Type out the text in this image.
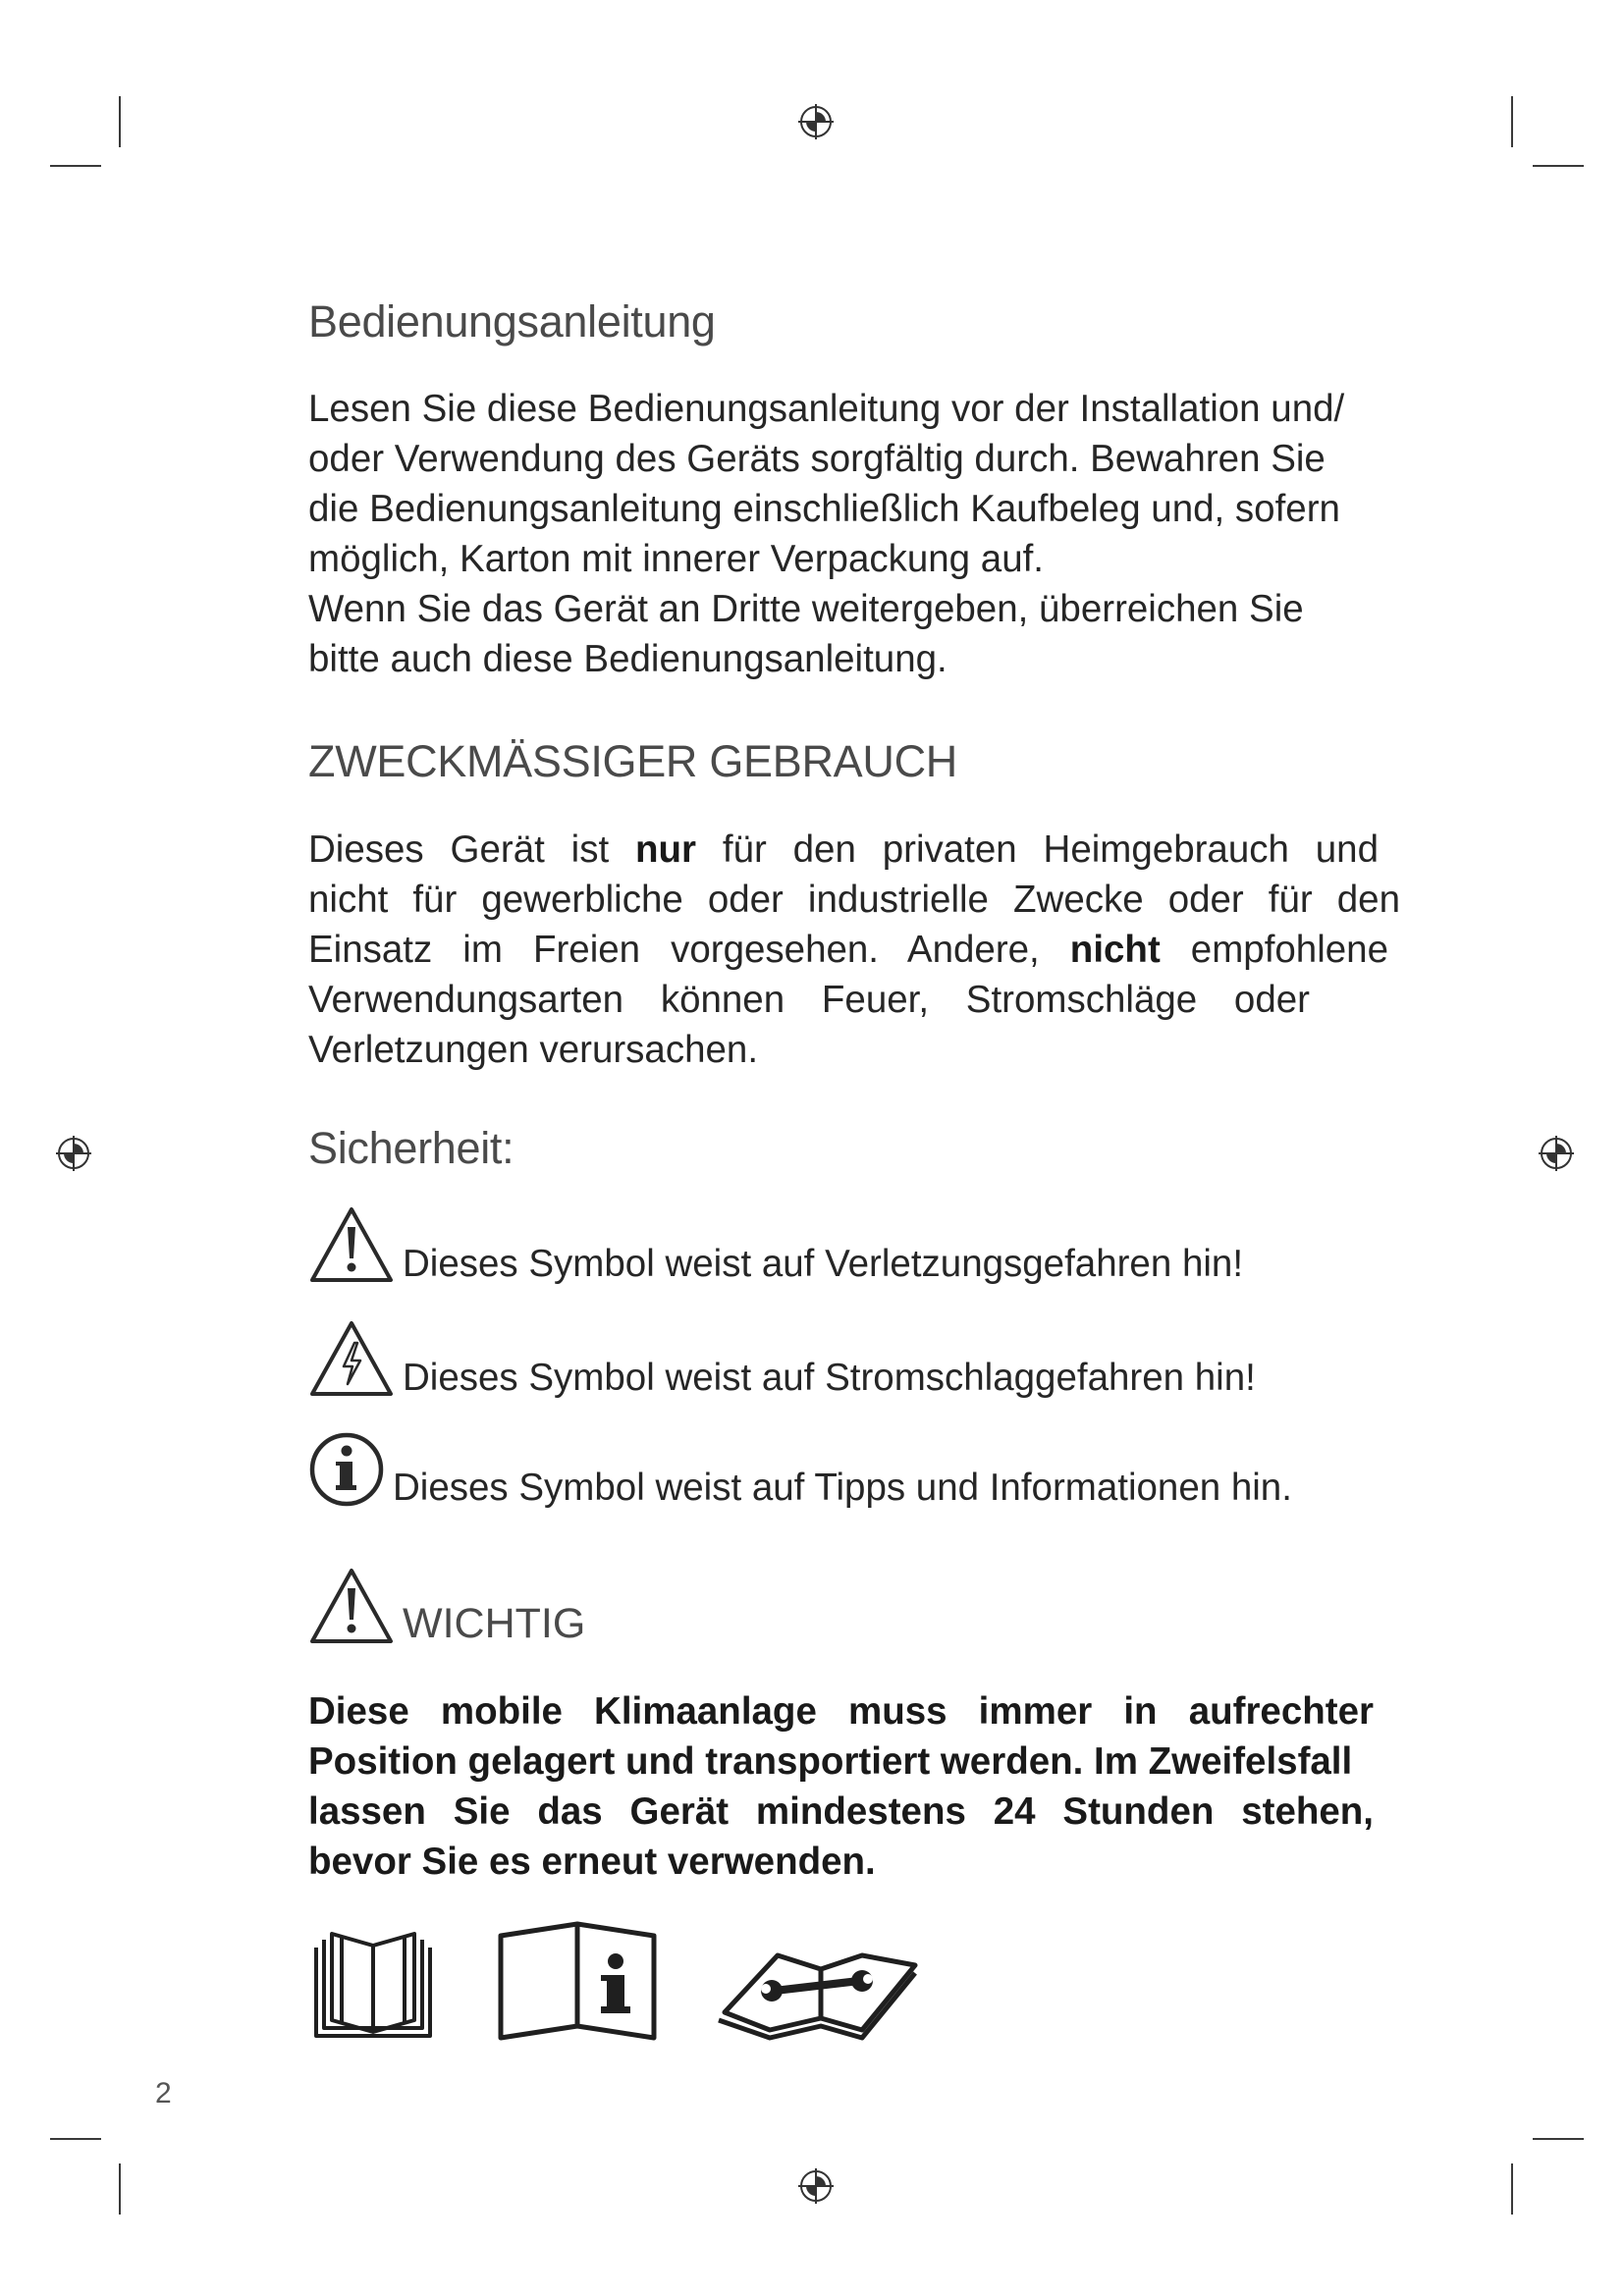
Bedienungsanleitung
Lesen Sie diese Bedienungsanleitung vor der Installation und/
oder Verwendung des Geräts sorgfältig durch. Bewahren Sie
die Bedienungsanleitung einschließlich Kaufbeleg und, sofern
möglich, Karton mit innerer Verpackung auf.
Wenn Sie das Gerät an Dritte weitergeben, überreichen Sie
bitte auch diese Bedienungsanleitung.
ZWECKMÄSSIGER GEBRAUCH
Dieses Gerät ist nur für den privaten Heimgebrauch und
nicht für gewerbliche oder industrielle Zwecke oder für den
Einsatz im Freien vorgesehen. Andere, nicht empfohlene
Verwendungsarten können Feuer, Stromschläge oder
Verletzungen verursachen.
Sicherheit:
Dieses Symbol weist auf Verletzungsgefahren hin!
Dieses Symbol weist auf Stromschlaggefahren hin!
Dieses Symbol weist auf Tipps und Informationen hin.
WICHTIG
Diese mobile Klimaanlage muss immer in aufrechter
Position gelagert und transportiert werden. Im Zweifelsfall
lassen Sie das Gerät mindestens 24 Stunden stehen,
bevor Sie es erneut verwenden.
2
